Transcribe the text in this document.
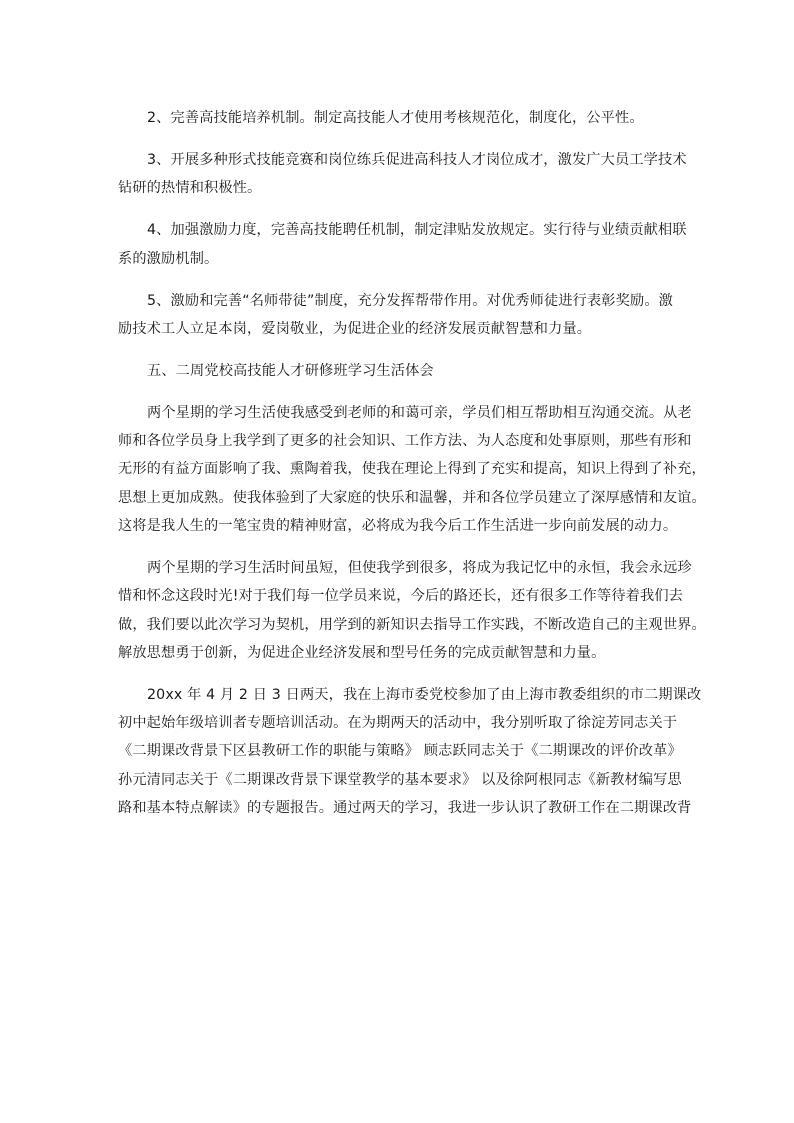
2、完善高技能培养机制。制定高技能人才使用考核规范化，制度化，公平性。

3、开展多种形式技能竞赛和岗位练兵促进高科技人才岗位成才，激发广大员工学技术
钻研的热情和积极性。

4、加强激励力度，完善高技能聘任机制，制定津贴发放规定。实行待与业绩贡献相联
系的激励机制。

5、激励和完善“名师带徒”制度，充分发挥帮带作用。对优秀师徒进行表彰奖励。激
励技术工人立足本岗，爱岗敬业，为促进企业的经济发展贡献智慧和力量。

五、二周党校高技能人才研修班学习生活体会

两个星期的学习生活使我感受到老师的和蔼可亲，学员们相互帮助相互沟通交流。从老
师和各位学员身上我学到了更多的社会知识、工作方法、为人态度和处事原则，那些有形和
无形的有益方面影响了我、熏陶着我，使我在理论上得到了充实和提高，知识上得到了补充，
思想上更加成熟。使我体验到了大家庭的快乐和温馨，并和各位学员建立了深厚感情和友谊。
这将是我人生的一笔宝贵的精神财富，必将成为我今后工作生活进一步向前发展的动力。

两个星期的学习生活时间虽短，但使我学到很多，将成为我记忆中的永恒，我会永远珍
惜和怀念这段时光!对于我们每一位学员来说，今后的路还长，还有很多工作等待着我们去
做，我们要以此次学习为契机，用学到的新知识去指导工作实践，不断改造自己的主观世界。
解放思想勇于创新，为促进企业经济发展和型号任务的完成贡献智慧和力量。

20xx 年 4 月 2 日 3 日两天，我在上海市委党校参加了由上海市教委组织的市二期课改
初中起始年级培训者专题培训活动。在为期两天的活动中，我分别听取了徐淀芳同志关于
《二期课改背景下区县教研工作的职能与策略》 顾志跃同志关于《二期课改的评价改革》
孙元清同志关于《二期课改背景下课堂教学的基本要求》 以及徐阿根同志《新教材编写思
路和基本特点解读》的专题报告。通过两天的学习，我进一步认识了教研工作在二期课改背
